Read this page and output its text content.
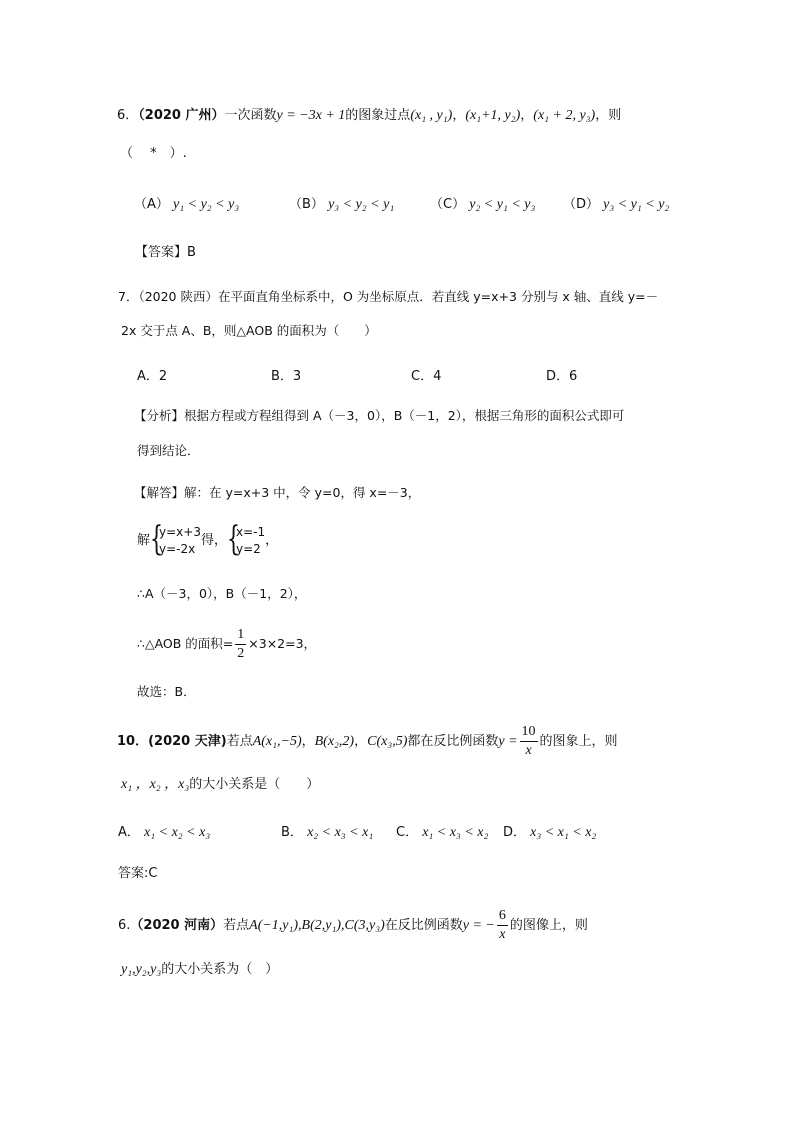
6．（2020 广州）一次函数y = −3x + 1的图象过点(x₁ , y₁)，(x₁+1, y₂)，(x₁ + 2, y₃)，则
（　 *　）.
（A） y₁ < y₂ < y₃	（B） y₃ < y₂ < y₁	（C） y₂ < y₁ < y₃ （D） y₃ < y₁ < y₂
【答案】B
7．（2020 陕西）在平面直角坐标系中，O 为坐标原点．若直线 y=x+3 分别与 x 轴、直线 y=－
2x 交于点 A、B，则△AOB 的面积为（　　）
A．2	B．3	C．4	D．6
【分析】根据方程或方程组得到 A（－3，0），B（－1，2），根据三角形的面积公式即可
得到结论．
【解答】解：在 y=x+3 中，令 y=0，得 x=－3，
解 {
y=x+3
y=-2x
得， {
x=-1
y=2
，
∴A（－3，0），B（－1，2），
∴△AOB 的面积= $\frac{1}{2} \times 3\times 2=3$，
故选：B．
10．(2020 天津)若点A(x₁,−5)，B(x₂,2)，C(x₃,5)都在反比例函数$y = \frac{10}{x}$ 的图象上，则
x₁ ，x₂ ，x₃的大小关系是（　　）
A． x₁ < x₂ < x₃	B． x₂ < x₃ < x₁ C． x₁ < x₃ < x₂ D． x₃ < x₁ < x₂
答案:C
6.（2020 河南）若点A(−1,y₁),B(2,y₁),C(3,y₃)在反比例函数y = − $\frac{6}{x}$ 的图像上，则
y₁,y₂,y₃的大小关系为（　）
